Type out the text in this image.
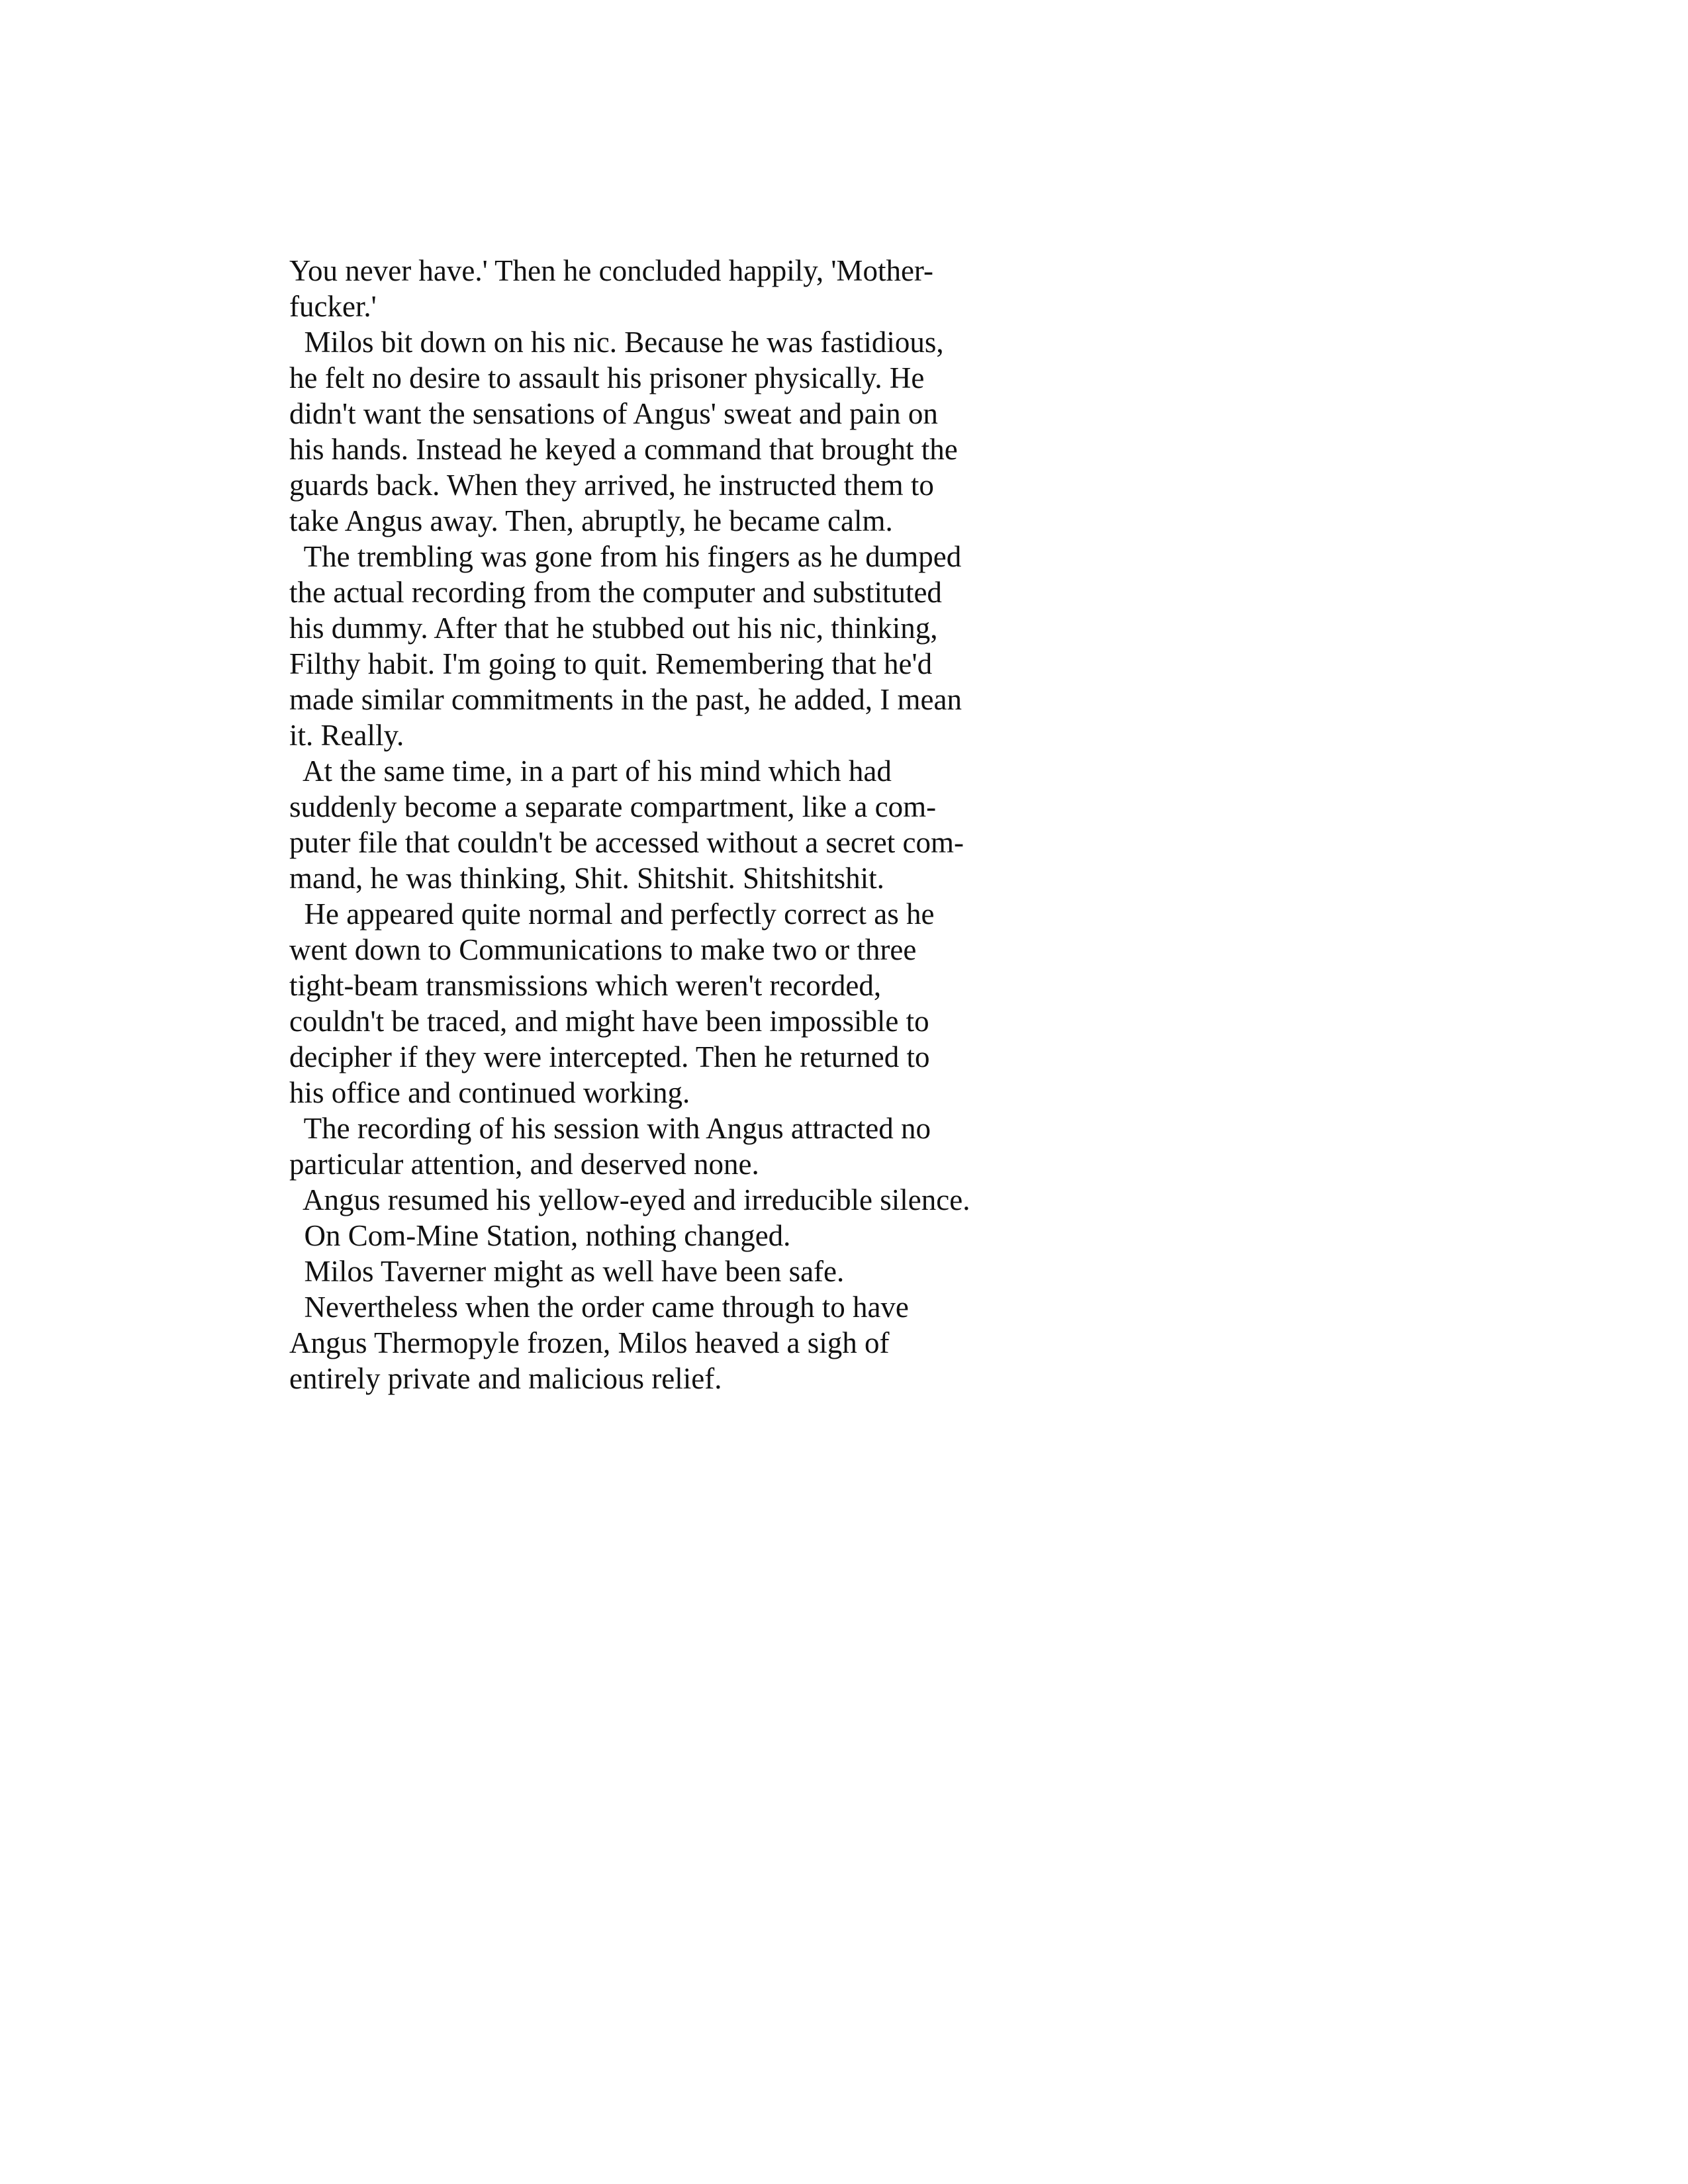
You never have.' Then he concluded happily, 'Mother-
fucker.'
Milos bit down on his nic. Because he was fastidious,
he felt no desire to assault his prisoner physically. He
didn't want the sensations of Angus' sweat and pain on
his hands. Instead he keyed a command that brought the
guards back. When they arrived, he instructed them to
take Angus away. Then, abruptly, he became calm.
The trembling was gone from his fingers as he dumped
the actual recording from the computer and substituted
his dummy. After that he stubbed out his nic, thinking,
Filthy habit. I'm going to quit. Remembering that he'd
made similar commitments in the past, he added, I mean
it. Really.
At the same time, in a part of his mind which had
suddenly become a separate compartment, like a com-
puter file that couldn't be accessed without a secret com-
mand, he was thinking, Shit. Shitshit. Shitshitshit.
He appeared quite normal and perfectly correct as he
went down to Communications to make two or three
tight-beam transmissions which weren't recorded,
couldn't be traced, and might have been impossible to
decipher if they were intercepted. Then he returned to
his office and continued working.
The recording of his session with Angus attracted no
particular attention, and deserved none.
Angus resumed his yellow-eyed and irreducible silence.
On Com-Mine Station, nothing changed.
Milos Taverner might as well have been safe.
Nevertheless when the order came through to have
Angus Thermopyle frozen, Milos heaved a sigh of
entirely private and malicious relief.
